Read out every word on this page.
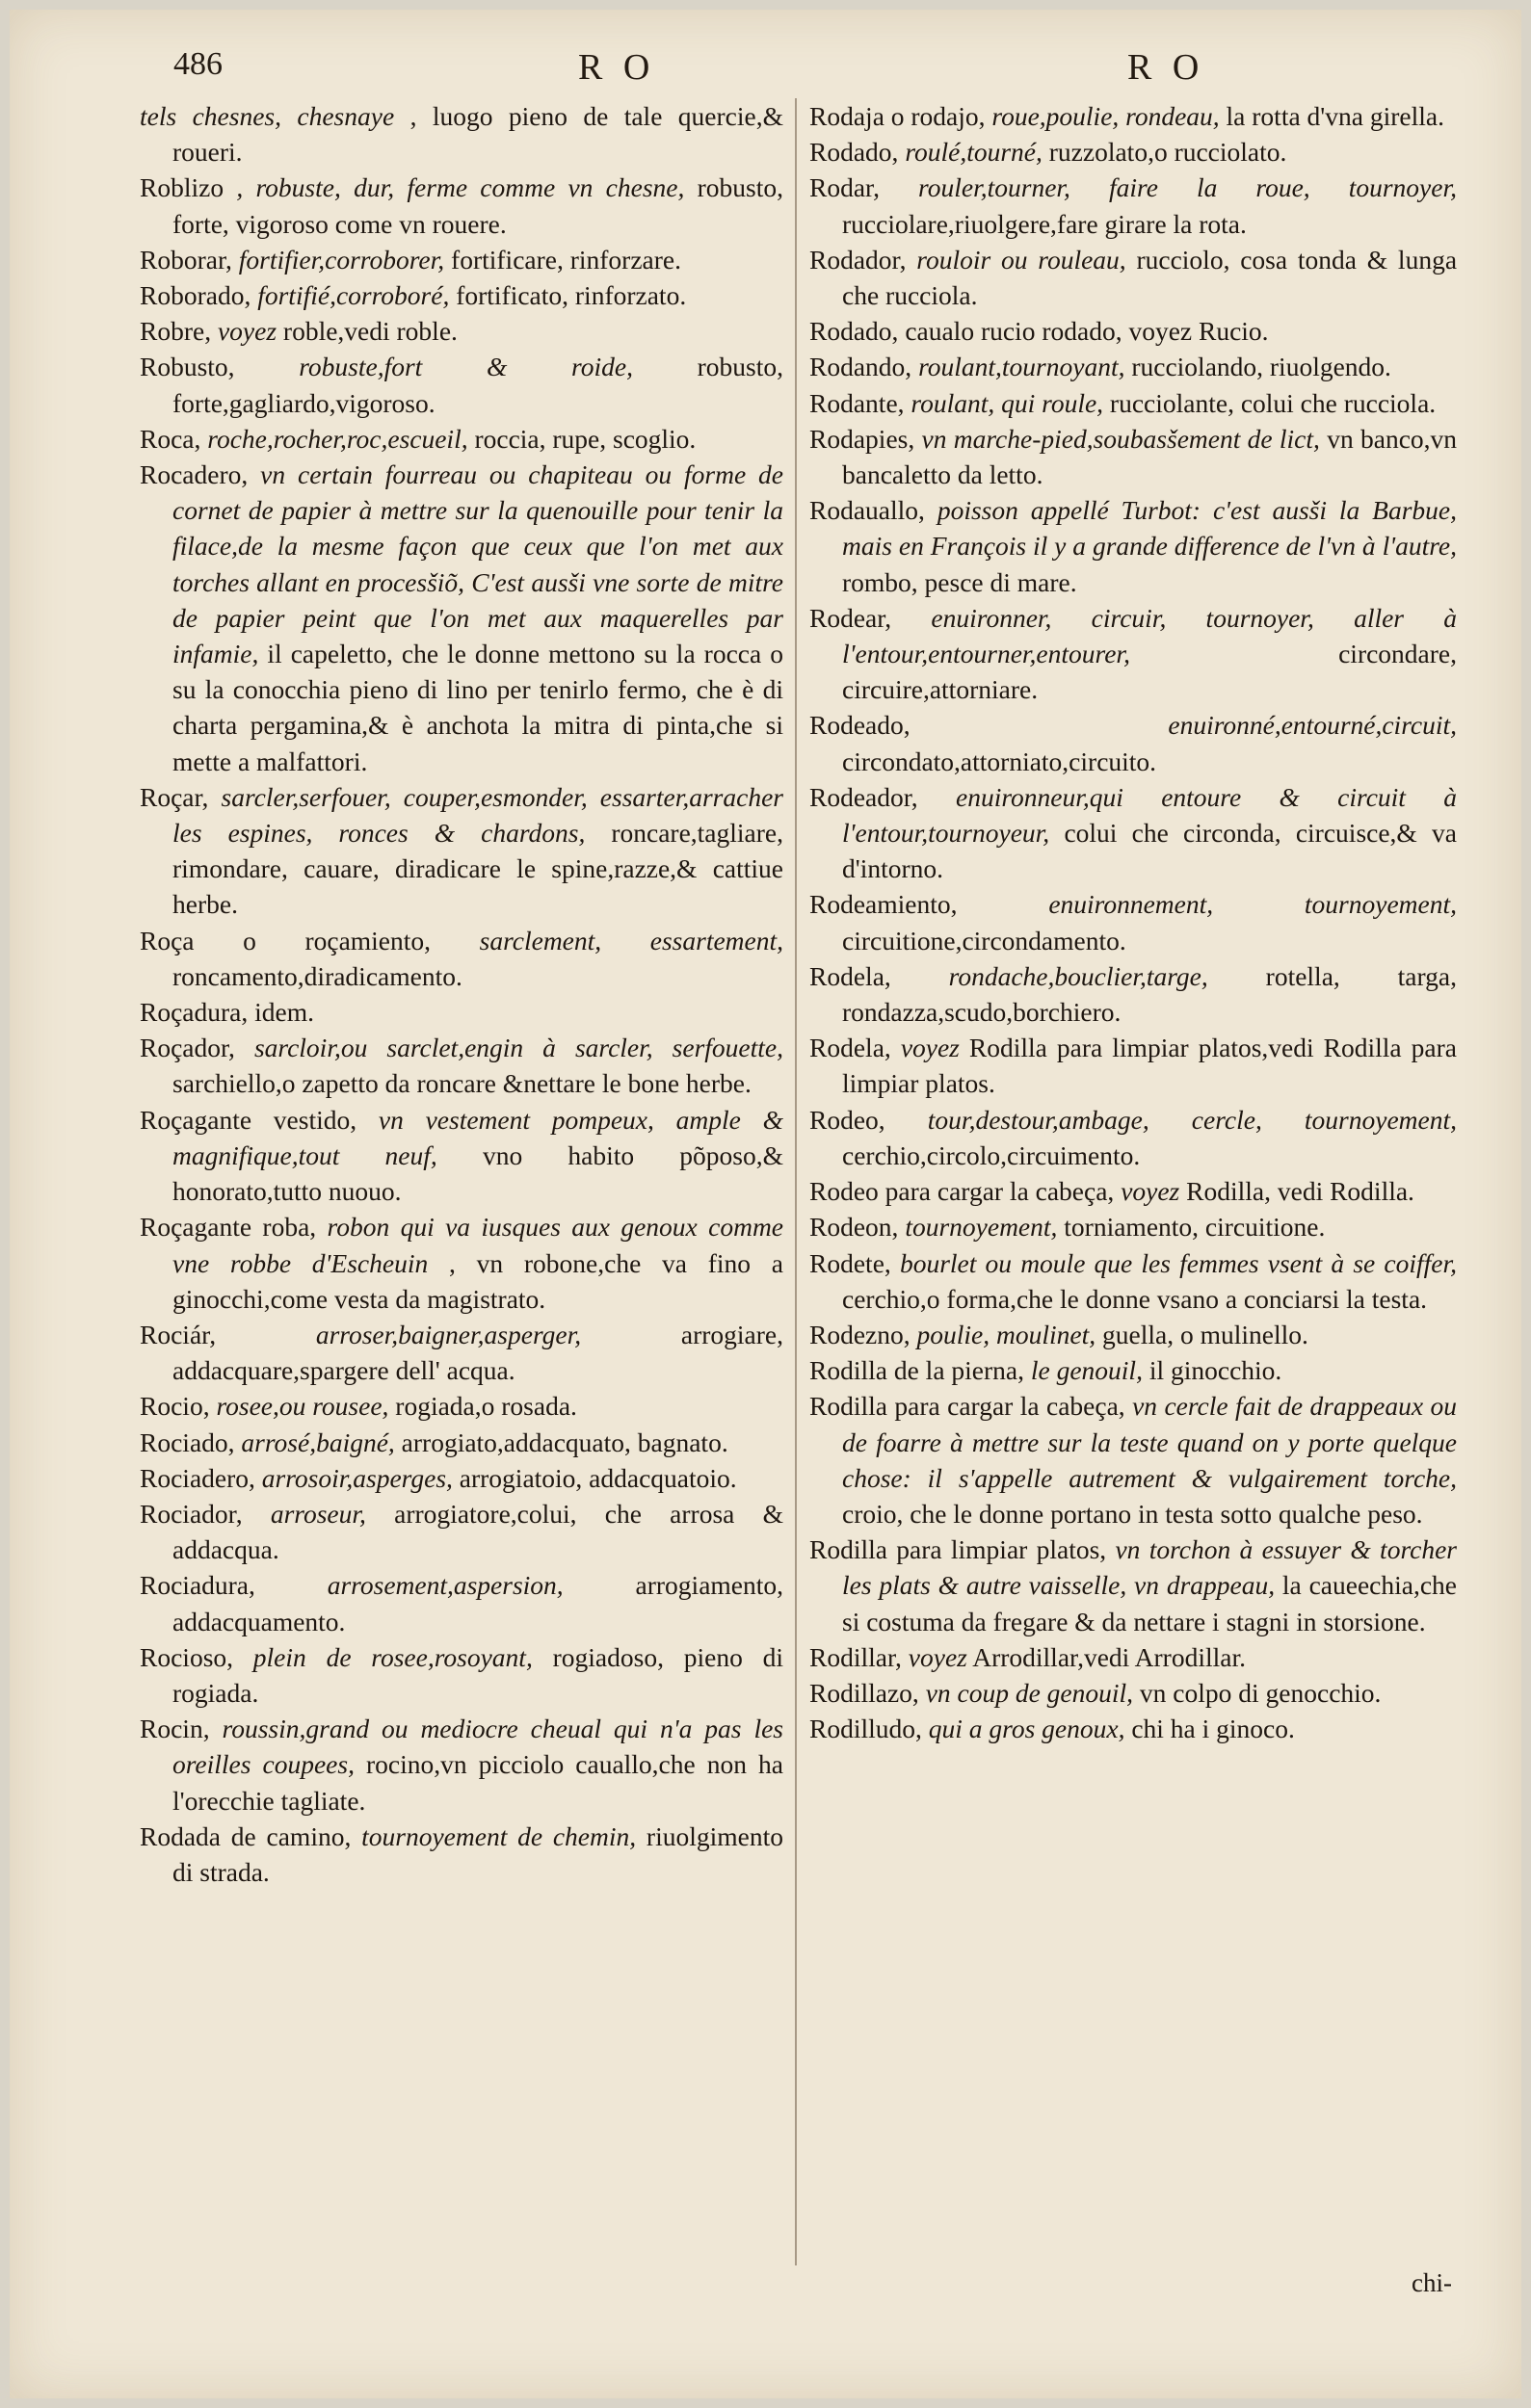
486	R O	R O

tels chesnes, chesnaye , luogo pieno de tale quercie,& roueri.

Roblizo , robuste, dur, ferme comme vn chesne, robusto, forte, vigoroso come vn rouere.

Roborar, fortifier,corroborer, fortificare, rinforzare.

Roborado, fortifié,corroboré, fortificato, rinforzato.

Robre, voyez roble,vedi roble.

Robusto, robuste,fort & roide, robusto, forte,gagliardo,vigoroso.

Roca, roche,rocher,roc,escueil, roccia, rupe, scoglio.

Rocadero, vn certain fourreau ou chapiteau ou forme de cornet de papier à mettre sur la quenouille pour tenir la filace,de la mesme façon que ceux que l'on met aux torches allant en procesšiõ, C'est ausši vne sorte de mitre de papier peint que l'on met aux maquerelles par infamie, il capeletto, che le donne mettono su la rocca o su la conocchia pieno di lino per tenirlo fermo, che è di charta pergamina,& è anchota la mitra di pinta,che si mette a malfattori.

Roçar, sarcler,serfouer, couper,esmonder, essarter,arracher les espines, ronces & chardons, roncare,tagliare, rimondare, cauare, diradicare le spine,razze,& cattiue herbe.

Roça o roçamiento, sarclement, essartement, roncamento,diradicamento.

Roçadura, idem.

Roçador, sarcloir,ou sarclet,engin à sarcler, serfouette, sarchiello,o zapetto da roncare &nettare le bone herbe.

Roçagante vestido, vn vestement pompeux, ample & magnifique,tout neuf, vno habito põposo,& honorato,tutto nuouo.

Roçagante roba, robon qui va iusques aux genoux comme vne robbe d'Escheuin , vn robone,che va fino a ginocchi,come vesta da magistrato.

Rociár,	arroser,baigner,asperger,	arrogiare, addacquare,spargere dell' acqua.

Rocio, rosee,ou rousee, rogiada,o rosada.

Rociado, arrosé,baigné, arrogiato,addacquato, bagnato.

Rociadero, arrosoir,asperges, arrogiatoio, addacquatoio.

Rociador, arroseur, arrogiatore,colui, che arrosa & addacqua.

Rociadura,	arrosement,aspersion,	arrogiamento, addacquamento.

Rocioso, plein de rosee,rosoyant, rogiadoso, pieno di rogiada.

Rocin, roussin,grand ou mediocre cheual qui n'a pas les oreilles coupees, rocino,vn picciolo cauallo,che non ha l'orecchie tagliate.

Rodada de camino, tournoyement de chemin, riuolgimento di strada.

Rodaja o rodajo, roue,poulie, rondeau, la rotta d'vna girella.

Rodado, roulé,tourné, ruzzolato,o rucciolato.

Rodar, rouler,tourner, faire la roue, tournoyer, rucciolare,riuolgere,fare girare la rota.

Rodador, rouloir ou rouleau, rucciolo, cosa tonda & lunga che rucciola.

Rodado, caualo rucio rodado, voyez Rucio.

Rodando, roulant,tournoyant, rucciolando, riuolgendo.

Rodante, roulant, qui roule, rucciolante, colui che rucciola.

Rodapies, vn marche-pied,soubasšement de lict, vn banco,vn bancaletto da letto.

Rodauallo, poisson appellé Turbot: c'est ausši la Barbue, mais en François il y a grande difference de l'vn à l'autre, rombo, pesce di mare.

Rodear, enuironner, circuir, tournoyer, aller à l'entour,entourner,entourer,	circondare, circuire,attorniare.

Rodeado,	enuironné,entourné,circuit, circondato,attorniato,circuito.

Rodeador, enuironneur,qui entoure & circuit à l'entour,tournoyeur, colui che circonda, circuisce,& va d'intorno.

Rodeamiento,	enuironnement, tournoyement, circuitione,circondamento.

Rodela, rondache,bouclier,targe, rotella, targa, rondazza,scudo,borchiero.

Rodela, voyez Rodilla para limpiar platos,vedi Rodilla para limpiar platos.

Rodeo, tour,destour,ambage, cercle, tournoyement, cerchio,circolo,circuimento.

Rodeo para cargar la cabeça, voyez Rodilla, vedi Rodilla.

Rodeon, tournoyement, torniamento, circuitione.

Rodete, bourlet ou moule que les femmes vsent à se coiffer, cerchio,o forma,che le donne vsano a conciarsi la testa.

Rodezno, poulie, moulinet, guella, o mulinello.

Rodilla de la pierna, le genouil, il ginocchio.

Rodilla para cargar la cabeça, vn cercle fait de drappeaux ou de foarre à mettre sur la teste quand on y porte quelque chose: il s'appelle autrement & vulgairement torche, croio, che le donne portano in testa sotto qualche peso.

Rodilla para limpiar platos, vn torchon à essuyer & torcher les plats & autre vaisselle, vn drappeau, la caueechia,che si costuma da fregare & da nettare i stagni in storsione.

Rodillar, voyez Arrodillar,vedi Arrodillar.

Rodillazo, vn coup de genouil, vn colpo di genocchio.

Rodilludo, qui a gros genoux, chi ha i ginoco.

chi-
